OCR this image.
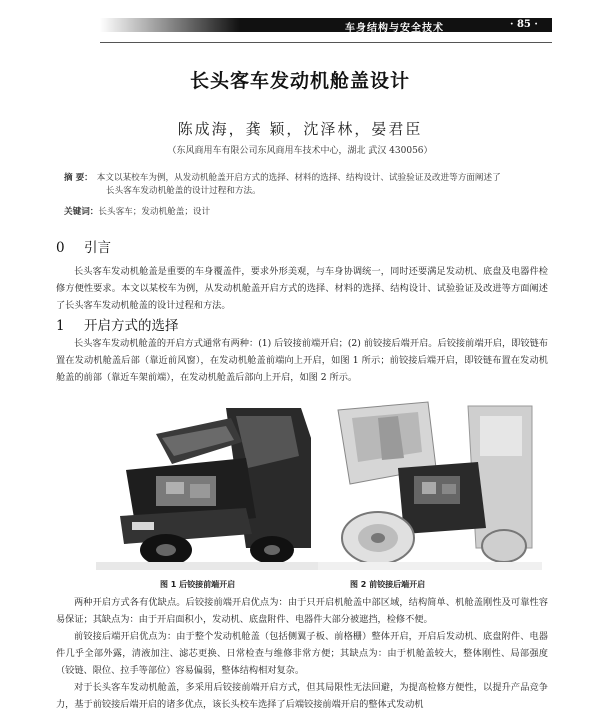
车身结构与安全技术	· 85 ·
长头客车发动机舱盖设计
陈成海，龚 颖，沈泽林，晏君臣
（东风商用车有限公司东风商用车技术中心，湖北 武汉 430056）
摘 要： 本文以某校车为例，从发动机舱盖开启方式的选择、材料的选择、结构设计、试验验证及改进等方面阐述了
长头客车发动机舱盖的设计过程和方法。
关键词：长头客车；发动机舱盖；设计
0 引言

长头客车发动机舱盖是重要的车身覆盖件，要求外形美观，与车身协调统一，同时还要满足发动机、底盘及电器件检修方便性要求。本文以某校车为例，从发动机舱盖开启方式的选择、材料的选择、结构设计、试验验证及改进等方面阐述了长头客车发动机舱盖的设计过程和方法。

1 开启方式的选择

长头客车发动机舱盖的开启方式通常有两种：(1) 后铰接前端开启；(2) 前铰接后端开启。后铰接前端开启，即铰链布置在发动机舱盖后部（靠近前风窗），在发动机舱盖前端向上开启，如图 1 所示；前铰接后端开启，即铰链布置在发动机舱盖的前部（靠近车架前端），在发动机舱盖后部向上开启，如图 2 所示。

图 1 后铰接前端开启	图 2 前铰接后端开启

两种开启方式各有优缺点。后铰接前端开启优点为：由于只开启机舱盖中部区域，结构简单、机舱盖刚性及可靠性容易保证；其缺点为：由于开启面积小，发动机、底盘附件、电器件大部分被遮挡，检修不便。

前铰接后端开启优点为：由于整个发动机舱盖（包括侧翼子板、前格栅）整体开启，开启后发动机、底盘附件、电器件几乎全部外露，清液加注、滤芯更换、日常检查与维修非常方便；其缺点为：由于机舱盖较大，整体刚性、局部强度（铰链、限位、拉手等部位）容易偏弱，整体结构相对复杂。

对于长头客车发动机舱盖，多采用后铰接前端开启方式，但其局限性无法回避，为提高检修方便性，以提升产品竞争力，基于前铰接后端开启的诸多优点，该长头校车选择了后端铰接前端开启的整体式发动机
